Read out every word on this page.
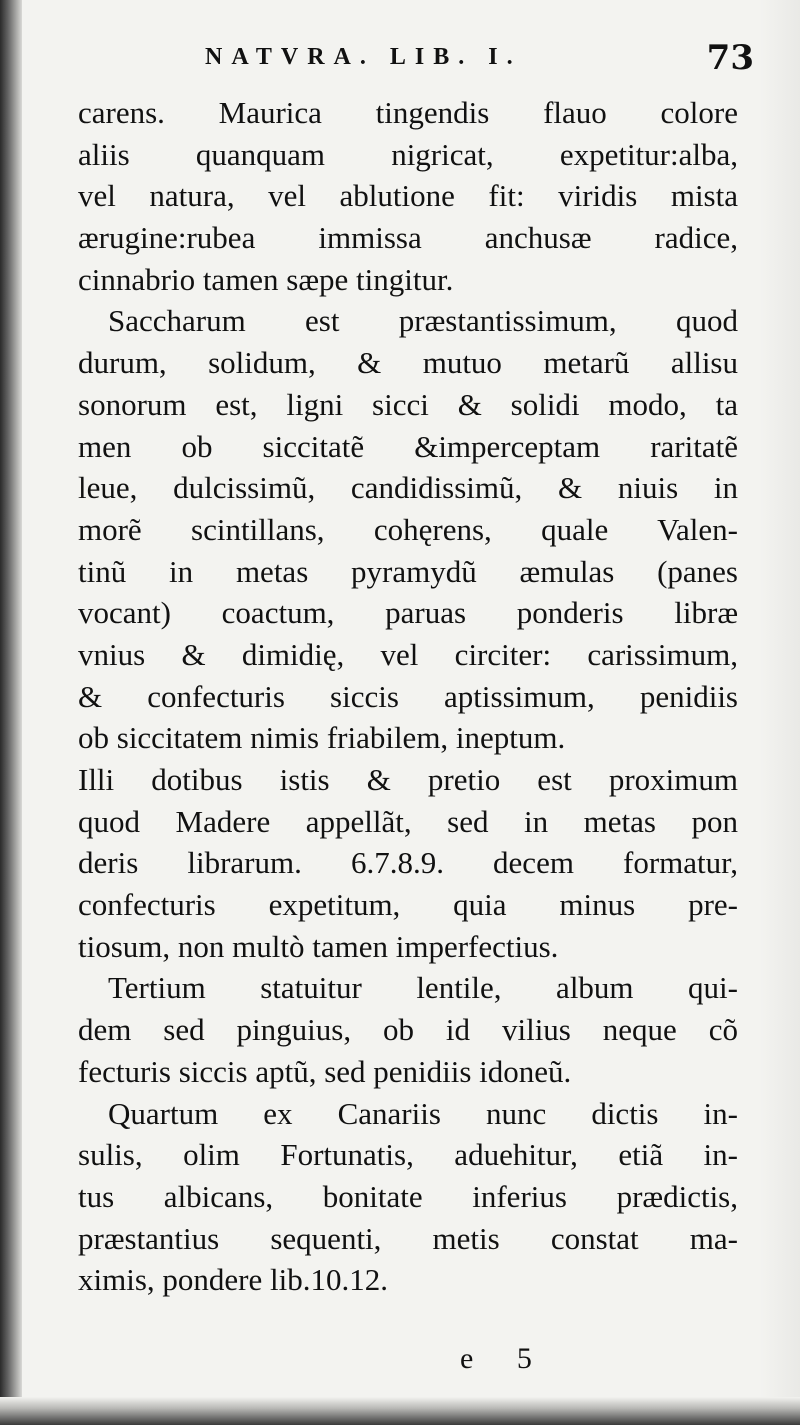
NATVRA. LIB. I.	73
carens. Maurica tingendis flauo colore
aliis quanquam nigricat, expetitur:alba,
vel natura, vel ablutione fit: viridis mista
ærugine:rubea immissa anchusæ radice,
cinnabrio tamen sæpe tingitur.
Saccharum est præstantissimum, quod
durum, solidum, & mutuo metarũ allisu
sonorum est, ligni sicci & solidi modo, ta
men ob siccitatẽ &imperceptam raritatẽ
leue, dulcissimũ, candidissimũ, & niuis in
morẽ scintillans, cohęrens, quale Valen-
tinũ in metas pyramydũ æmulas (panes
vocant) coactum, paruas ponderis libræ
vnius & dimidię, vel circiter: carissimum,
& confecturis siccis aptissimum, penidiis
ob siccitatem nimis friabilem, ineptum.
Illi dotibus istis & pretio est proximum
quod Madere appellãt, sed in metas pon
deris librarum. 6.7.8.9. decem formatur,
confecturis expetitum, quia minus pre-
tiosum, non multò tamen imperfectius.
Tertium statuitur lentile, album qui-
dem sed pinguius, ob id vilius neque cõ
fecturis siccis aptũ, sed penidiis idoneũ.
Quartum ex Canariis nunc dictis in-
sulis, olim Fortunatis, aduehitur, etiã in-
tus albicans, bonitate inferius prædictis,
præstantius sequenti, metis constat ma-
ximis, pondere lib.10.12.
e 5
